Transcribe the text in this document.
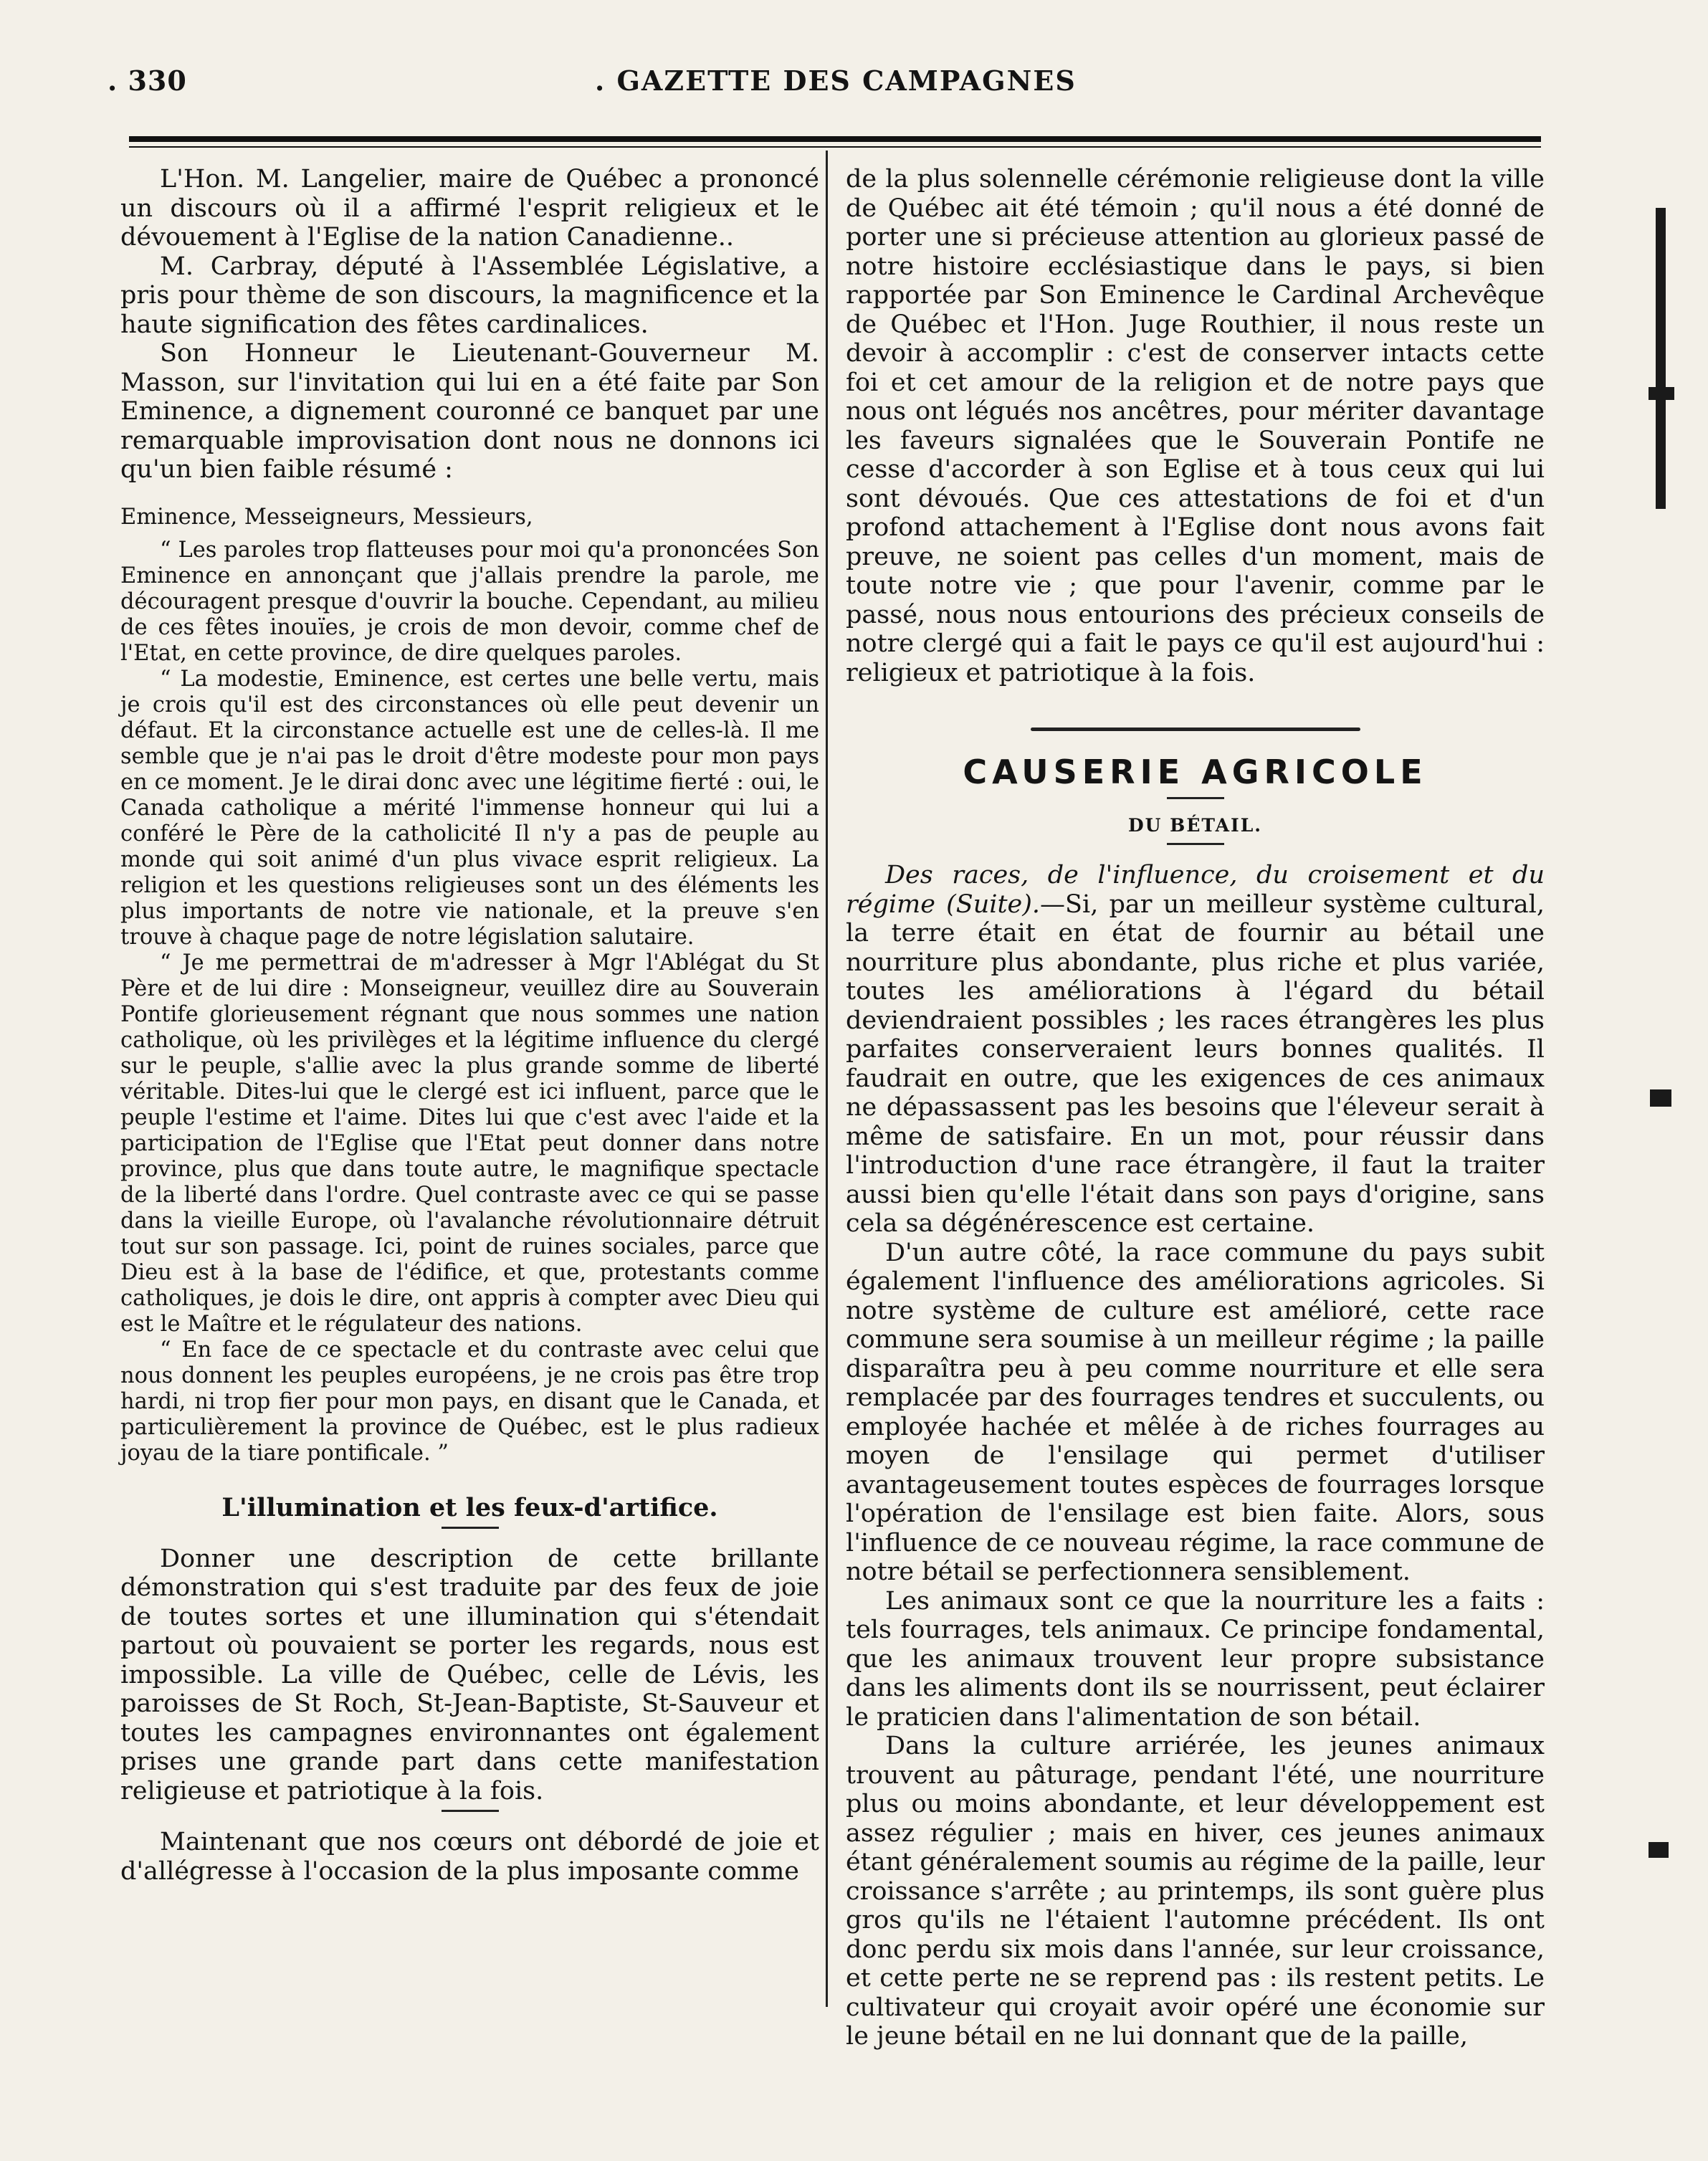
. 330	. GAZETTE DES CAMPAGNES

L'Hon. M. Langelier, maire de Québec a prononcé un discours où il a affirmé l'esprit religieux et le dévouement à l'Eglise de la nation Canadienne..

M. Carbray, député à l'Assemblée Législative, a pris pour thème de son discours, la magnificence et la haute signification des fêtes cardinalices.

Son Honneur le Lieutenant-Gouverneur M. Masson, sur l'invitation qui lui en a été faite par Son Eminence, a dignement couronné ce banquet par une remarquable improvisation dont nous ne donnons ici qu'un bien faible résumé :

Eminence, Messeigneurs, Messieurs,

“ Les paroles trop flatteuses pour moi qu'a prononcées Son Eminence en annonçant que j'allais prendre la parole, me découragent presque d'ouvrir la bouche. Cependant, au milieu de ces fêtes inouïes, je crois de mon devoir, comme chef de l'Etat, en cette province, de dire quelques paroles.

“ La modestie, Eminence, est certes une belle vertu, mais je crois qu'il est des circonstances où elle peut devenir un défaut. Et la circonstance actuelle est une de celles-là. Il me semble que je n'ai pas le droit d'être modeste pour mon pays en ce moment. Je le dirai donc avec une légitime fierté : oui, le Canada catholique a mérité l'immense honneur qui lui a conféré le Père de la catholicité Il n'y a pas de peuple au monde qui soit animé d'un plus vivace esprit religieux. La religion et les questions religieuses sont un des éléments les plus importants de notre vie nationale, et la preuve s'en trouve à chaque page de notre législation salutaire.

“ Je me permettrai de m'adresser à Mgr l'Ablégat du St Père et de lui dire : Monseigneur, veuillez dire au Souverain Pontife glorieusement régnant que nous sommes une nation catholique, où les privilèges et la légitime influence du clergé sur le peuple, s'allie avec la plus grande somme de liberté véritable. Dites-lui que le clergé est ici influent, parce que le peuple l'estime et l'aime. Dites lui que c'est avec l'aide et la participation de l'Eglise que l'Etat peut donner dans notre province, plus que dans toute autre, le magnifique spectacle de la liberté dans l'ordre. Quel contraste avec ce qui se passe dans la vieille Europe, où l'avalanche révolutionnaire détruit tout sur son passage. Ici, point de ruines sociales, parce que Dieu est à la base de l'édifice, et que, protestants comme catholiques, je dois le dire, ont appris à compter avec Dieu qui est le Maître et le régulateur des nations.

“ En face de ce spectacle et du contraste avec celui que nous donnent les peuples européens, je ne crois pas être trop hardi, ni trop fier pour mon pays, en disant que le Canada, et particulièrement la province de Québec, est le plus radieux joyau de la tiare pontificale. ”

L'illumination et les feux-d'artifice.

Donner une description de cette brillante démonstration qui s'est traduite par des feux de joie de toutes sortes et une illumination qui s'étendait partout où pouvaient se porter les regards, nous est impossible. La ville de Québec, celle de Lévis, les paroisses de St Roch, St-Jean-Baptiste, St-Sauveur et toutes les campagnes environnantes ont également prises une grande part dans cette manifestation religieuse et patriotique à la fois.

Maintenant que nos cœurs ont débordé de joie et d'allégresse à l'occasion de la plus imposante comme

de la plus solennelle cérémonie religieuse dont la ville de Québec ait été témoin ; qu'il nous a été donné de porter une si précieuse attention au glorieux passé de notre histoire ecclésiastique dans le pays, si bien rapportée par Son Eminence le Cardinal Archevêque de Québec et l'Hon. Juge Routhier, il nous reste un devoir à accomplir : c'est de conserver intacts cette foi et cet amour de la religion et de notre pays que nous ont légués nos ancêtres, pour mériter davantage les faveurs signalées que le Souverain Pontife ne cesse d'accorder à son Eglise et à tous ceux qui lui sont dévoués. Que ces attestations de foi et d'un profond attachement à l'Eglise dont nous avons fait preuve, ne soient pas celles d'un moment, mais de toute notre vie ; que pour l'avenir, comme par le passé, nous nous entourions des précieux conseils de notre clergé qui a fait le pays ce qu'il est aujourd'hui : religieux et patriotique à la fois.

CAUSERIE AGRICOLE
DU BÉTAIL.

Des races, de l'influence, du croisement et du régime (Suite).—Si, par un meilleur système cultural, la terre était en état de fournir au bétail une nourriture plus abondante, plus riche et plus variée, toutes les améliorations à l'égard du bétail deviendraient possibles ; les races étrangères les plus parfaites conserveraient leurs bonnes qualités. Il faudrait en outre, que les exigences de ces animaux ne dépassassent pas les besoins que l'éleveur serait à même de satisfaire. En un mot, pour réussir dans l'introduction d'une race étrangère, il faut la traiter aussi bien qu'elle l'était dans son pays d'origine, sans cela sa dégénérescence est certaine.

D'un autre côté, la race commune du pays subit également l'influence des améliorations agricoles. Si notre système de culture est amélioré, cette race commune sera soumise à un meilleur régime ; la paille disparaîtra peu à peu comme nourriture et elle sera remplacée par des fourrages tendres et succulents, ou employée hachée et mêlée à de riches fourrages au moyen de l'ensilage qui permet d'utiliser avantageusement toutes espèces de fourrages lorsque l'opération de l'ensilage est bien faite. Alors, sous l'influence de ce nouveau régime, la race commune de notre bétail se perfectionnera sensiblement.

Les animaux sont ce que la nourriture les a faits : tels fourrages, tels animaux. Ce principe fondamental, que les animaux trouvent leur propre subsistance dans les aliments dont ils se nourrissent, peut éclairer le praticien dans l'alimentation de son bétail.

Dans la culture arriérée, les jeunes animaux trouvent au pâturage, pendant l'été, une nourriture plus ou moins abondante, et leur développement est assez régulier ; mais en hiver, ces jeunes animaux étant généralement soumis au régime de la paille, leur croissance s'arrête ; au printemps, ils sont guère plus gros qu'ils ne l'étaient l'automne précédent. Ils ont donc perdu six mois dans l'année, sur leur croissance, et cette perte ne se reprend pas : ils restent petits. Le cultivateur qui croyait avoir opéré une économie sur le jeune bétail en ne lui donnant que de la paille,
